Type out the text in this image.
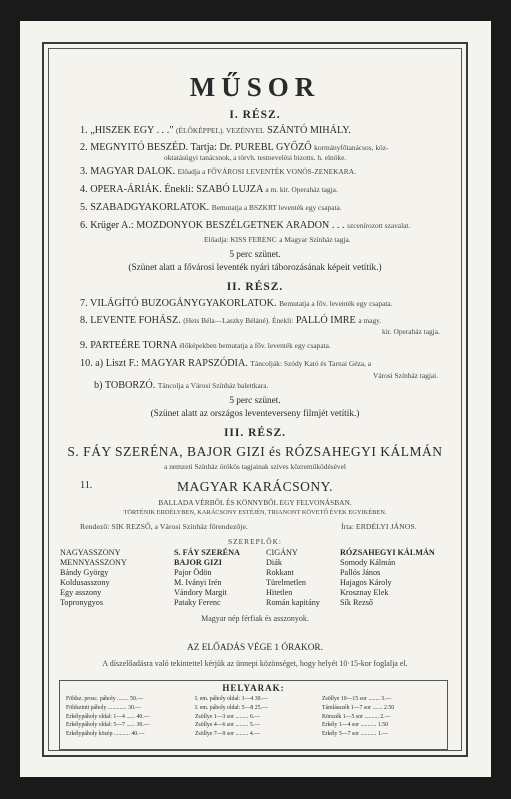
MŰSOR
I. RÉSZ.
1. „HISZEK EGY . . ." (ÉLŐKÉPPEL). VEZÉNYEL SZÁNTÓ MIHÁLY.
2. MEGNYITÓ BESZÉD. Tartja: Dr. PUREBL GYŐZŐ kormányfőtanácsos, köz-
oktatásügyi tanácsnok, a törvh. testnevelési bizotts. h. elnöke.
3. MAGYAR DALOK. Előadja a FŐVÁROSI LEVENTÉK VONÓS-ZENEKARA.
4. OPERA-ÁRIÁK. Énekli: SZABÓ LUJZA a m. kir. Operaház tagja.
5. SZABADGYAKORLATOK. Bemutatja a BSZKRT leventék egy csapata.
6. Krüger A.: MOZDONYOK BESZÉLGETNEK ARADON . . . szcenírozott szavalat.
Előadja: KISS FERENC a Magyar Színház tagja.
5 perc szünet.
(Szünet alatt a fővárosi leventék nyári táborozásának képeit vetítik.)
II. RÉSZ.
7. VILÁGÍTÓ BUZOGÁNYGYAKORLATOK. Bemutatja a főv. leventék egy csapata.
8. LEVENTE FOHÁSZ. (Hets Béla—Laszky Béláné). Énekli: PALLÓ IMRE a magy.
kir. Operaház tagja.
9. PARTEÉRE TORNA élőképekben bemutatja a főv. leventék egy csapata.
10. a) Liszt F.: MAGYAR RAPSZÓDIA. Táncolják: Szódy Kató és Tarnai Géza, a
Városi Színház tagjai.
b) TOBORZÓ. Táncolja a Városi Színház balettkara.
5 perc szünet.
(Szünet alatt az országos leventeverseny filmjét vetítik.)
III. RÉSZ.
S. FÁY SZERÉNA, BAJOR GIZI és RÓZSAHEGYI KÁLMÁN
a nemzeti Színház örökös tagjainak szíves közreműködésével
11.	MAGYAR KARÁCSONY.
BALLADA VÉRBŐL ÉS KÖNNYBŐL EGY FELVONÁSBAN.
TÖRTÉNIK ERDÉLYBEN, KARÁCSONY ESTÉJÉN, TRIANONT KÖVETŐ ÉVEK EGYIKÉBEN.
Rendező: SIK REZSŐ, a Városi Színház főrendezője.	Írta: ERDÉLYI JÁNOS.
SZEREPLŐK:
NAGYASSZONY
MENNYASSZONY
Bándy György
Koldusasszony
Egy asszony
Topronygyos
S. FÁY SZERÉNA
BAJOR GIZI
Pajor Ödön
M. Iványi Irén
Vándory Margit
Pataky Ferenc
CIGÁNY
Diák
Rokkant
Türelmetlen
Hitetlen
Román kapitány
RÓZSAHEGYI KÁLMÁN
Somody Kálmán
Pallós János
Hajagos Károly
Krosznay Elek
Sík Rezső
Magyar nép férfiak és asszonyok.
AZ ELŐADÁS VÉGE 1 ÓRAKOR.
A díszelőadásra való tekintettel kérjük az ünnepi közönséget, hogy helyét 10·15-kor foglalja el.
HELYARAK:
Földsz. prosc. páholy ........ 50.—
Földszinti páholy ............. 30.—
Erkélypáholy oldal: 1—4 ...... 40.—
Erkélypáholy oldal: 5—7 ...... 30.—
Erkélypáholy közép ........... 40.—
I. em. páholy oldal: 1—4 30.—
I. em. páholy oldal: 5—8 25.—
Zsöllye 1—3 sor ......... 6.—
Zsöllye 4—6 sor ......... 5.—
Zsöllye 7—9 sor ......... 4.—
Zsöllye 10—15 sor ........ 3.—
Támlásszék 1—7 sor ....... 2.50
Körszék 1—5 sor .......... 2.—
Erkély 1—4 sor ........... 1.50
Erkély 5—7 sor ........... 1.—
